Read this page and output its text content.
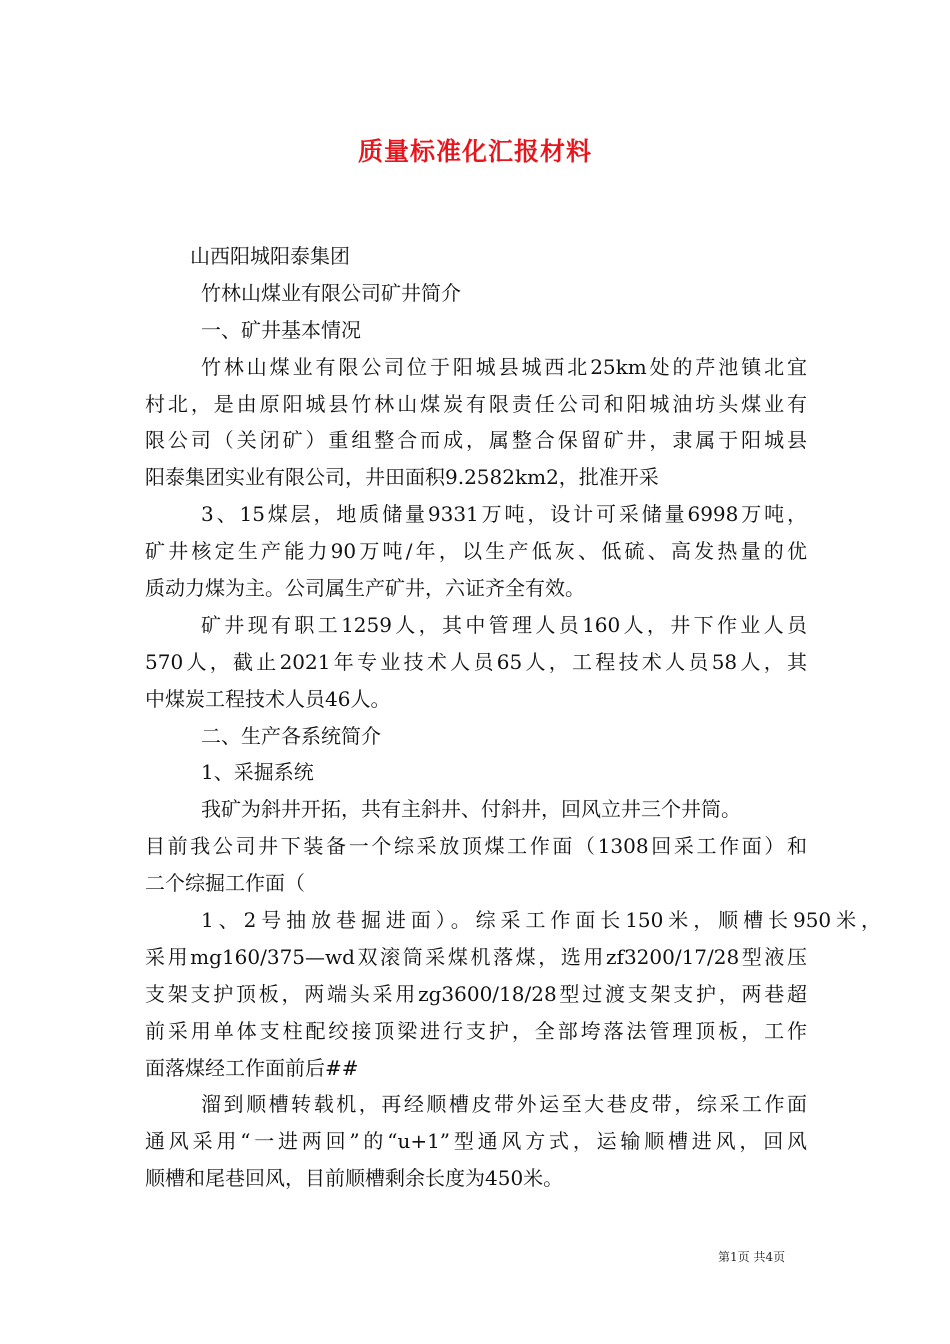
质量标准化汇报材料
山西阳城阳泰集团
竹林山煤业有限公司矿井简介
一、矿井基本情况
竹林山煤业有限公司位于阳城县城西北25km处的芹池镇北宜
村北，是由原阳城县竹林山煤炭有限责任公司和阳城油坊头煤业有
限公司（关闭矿）重组整合而成，属整合保留矿井，隶属于阳城县
阳泰集团实业有限公司，井田面积9.2582km2，批准开采
3、15煤层，地质储量9331万吨，设计可采储量6998万吨，
矿井核定生产能力90万吨/年，以生产低灰、低硫、高发热量的优
质动力煤为主。公司属生产矿井，六证齐全有效。
矿井现有职工1259人，其中管理人员160人，井下作业人员
570人，截止2021年专业技术人员65人，工程技术人员58人，其
中煤炭工程技术人员46人。
二、生产各系统简介
1、采掘系统
我矿为斜井开拓，共有主斜井、付斜井，回风立井三个井筒。
目前我公司井下装备一个综采放顶煤工作面（1308回采工作面）和
二个综掘工作面（
1、2号抽放巷掘进面）。综采工作面长150米，顺槽长950米，
采用mg160/375—wd双滚筒采煤机落煤，选用zf3200/17/28型液压
支架支护顶板，两端头采用zg3600/18/28型过渡支架支护，两巷超
前采用单体支柱配绞接顶梁进行支护，全部垮落法管理顶板，工作
面落煤经工作面前后##
溜到顺槽转载机，再经顺槽皮带外运至大巷皮带，综采工作面
通风采用“一进两回”的“u+1”型通风方式，运输顺槽进风，回风
顺槽和尾巷回风，目前顺槽剩余长度为450米。
第1页 共4页
